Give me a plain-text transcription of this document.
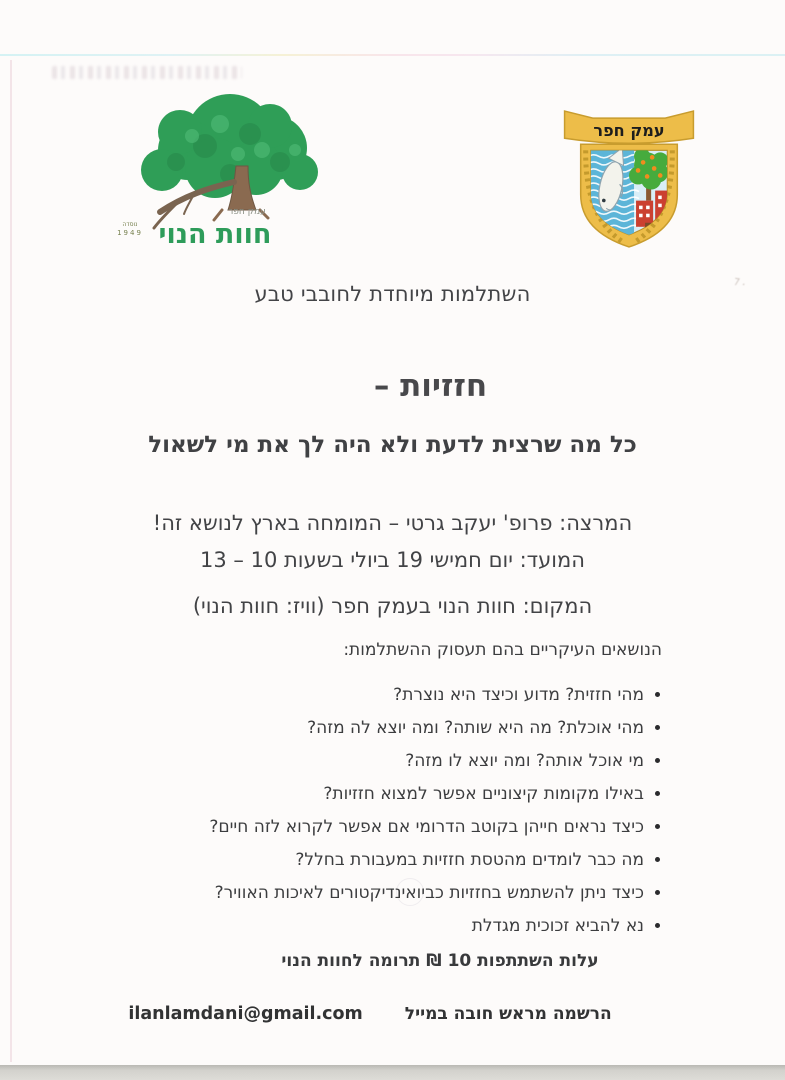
⁊ .
עמק חפר
חוות הנוי
נוסדה
1949
עמק חפר
השתלמות מיוחדת לחובבי טבע
חזזיות –
כל מה שרצית לדעת ולא היה לך את מי לשאול
המרצה: פרופ' יעקב גרטי – המומחה בארץ לנושא זה!
המועד: יום חמישי 19 ביולי בשעות 10 – 13
המקום: חוות הנוי בעמק חפר (וויז: חוות הנוי)
הנושאים העיקריים בהם תעסוק ההשתלמות:
מהי חזזית? מדוע וכיצד היא נוצרת?
מהי אוכלת? מה היא שותה? ומה יוצא לה מזה?
מי אוכל אותה? ומה יוצא לו מזה?
באילו מקומות קיצוניים אפשר למצוא חזזיות?
כיצד נראים חייהן בקוטב הדרומי אם אפשר לקרוא לזה חיים?
מה כבר לומדים מהטסת חזזיות במעבורת בחלל?
כיצד ניתן להשתמש בחזזיות כביואינדיקטורים לאיכות האוויר?
נא להביא זכוכית מגדלת
עלות השתתפות 10 ₪ תרומה לחוות הנוי
הרשמה מראש חובה במייל
ilanlamdani@gmail.com
